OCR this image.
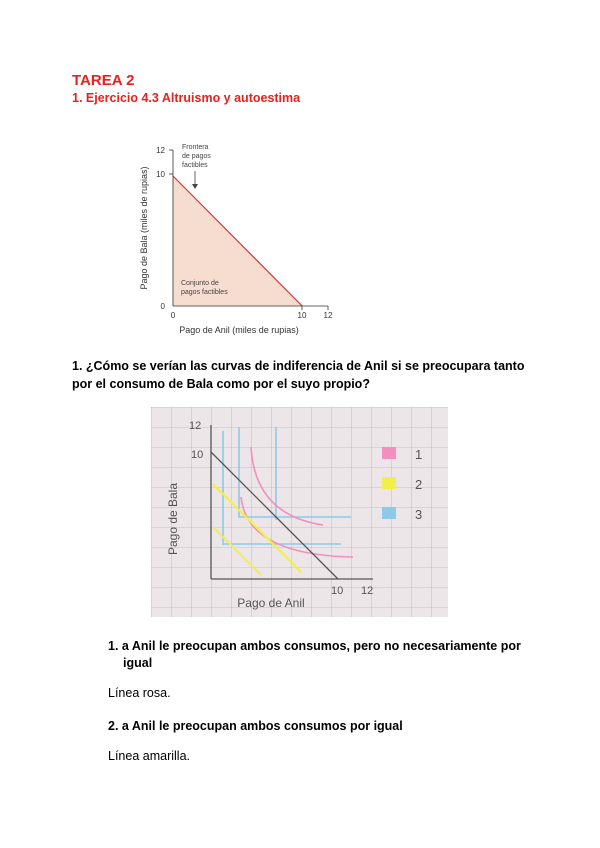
TAREA 2
1. Ejercicio 4.3 Altruismo y autoestima
12
10
0
0	10 12
Frontera
de pagos
factibles
Conjunto de
pagos factibles
Pago de Bala (miles de rupias)
Pago de Anil (miles de rupias)
1. ¿Cómo se verían las curvas de indiferencia de Anil si se preocupara tanto por el consumo de Bala como por el suyo propio?
12
10
10 12
Pago de Bala
Pago de Anil
1
2
3
1. a Anil le preocupan ambos consumos, pero no necesariamente por igual
Línea rosa.
2. a Anil le preocupan ambos consumos por igual
Línea amarilla.
